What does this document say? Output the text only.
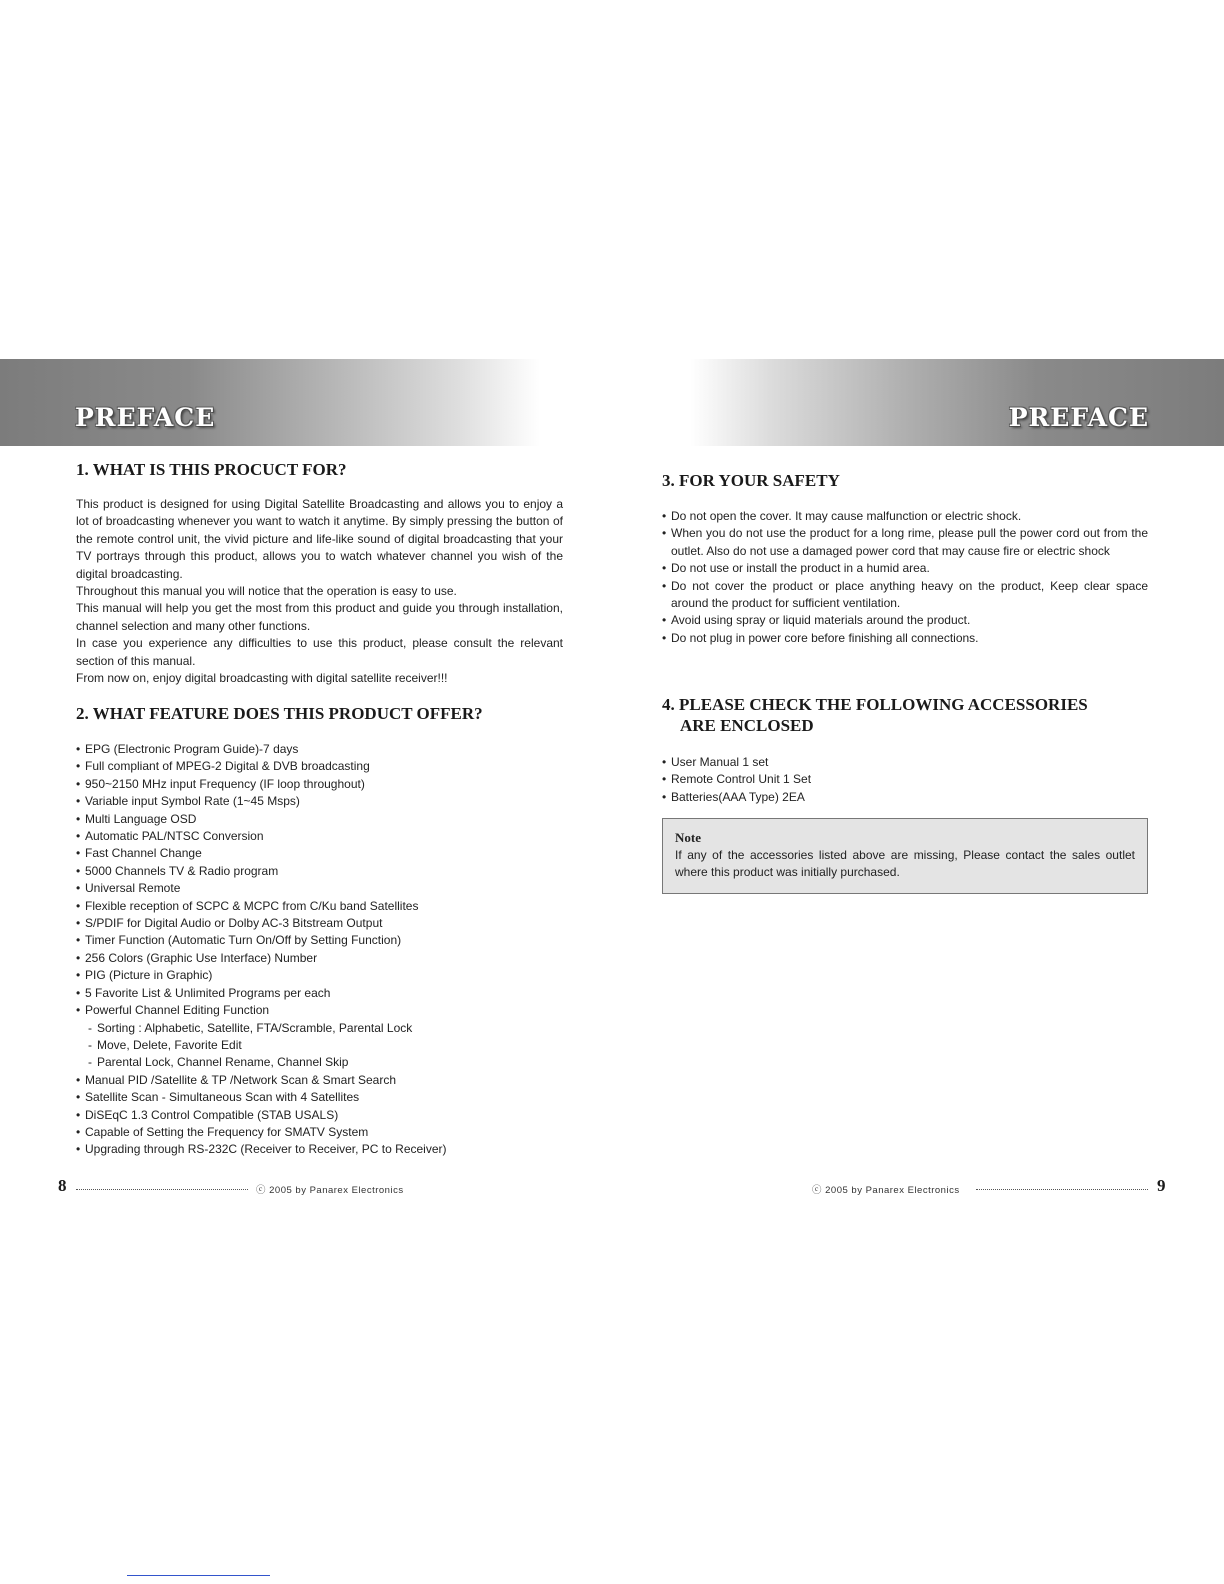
PREFACE	PREFACE
1. WHAT IS THIS PROCUCT FOR?

This product is designed for using Digital Satellite Broadcasting and allows you to enjoy a lot of broadcasting whenever you want to watch it anytime. By simply pressing the button of the remote control unit, the vivid picture and life-like sound of digital broadcasting that your TV portrays through this product, allows you to watch whatever channel you wish of the digital broadcasting.

Throughout this manual you will notice that the operation is easy to use.

This manual will help you get the most from this product and guide you through installation, channel selection and many other functions.

In case you experience any difficulties to use this product, please consult the relevant section of this manual.

From now on, enjoy digital broadcasting with digital satellite receiver!!!

2. WHAT FEATURE DOES THIS PRODUCT OFFER?
• EPG (Electronic Program Guide)-7 days
• Full compliant of MPEG-2 Digital & DVB broadcasting
• 950~2150 MHz input Frequency (IF loop throughout)
• Variable input Symbol Rate (1~45 Msps)
• Multi Language OSD
• Automatic PAL/NTSC Conversion
• Fast Channel Change
• 5000 Channels TV & Radio program
• Universal Remote
• Flexible reception of SCPC & MCPC from C/Ku band Satellites
• S/PDIF for Digital Audio or Dolby AC-3 Bitstream Output
• Timer Function (Automatic Turn On/Off by Setting Function)
• 256 Colors (Graphic Use Interface) Number
• PIG (Picture in Graphic)
• 5 Favorite List & Unlimited Programs per each
• Powerful Channel Editing Function
- Sorting : Alphabetic, Satellite, FTA/Scramble, Parental Lock
- Move, Delete, Favorite Edit
- Parental Lock, Channel Rename, Channel Skip
• Manual PID /Satellite & TP /Network Scan & Smart Search
• Satellite Scan - Simultaneous Scan with 4 Satellites
• DiSEqC 1.3 Control Compatible (STAB USALS)
• Capable of Setting the Frequency for SMATV System
• Upgrading through RS-232C (Receiver to Receiver, PC to Receiver)
8	ⓒ 2005 by Panarex Electronics
3. FOR YOUR SAFETY
• Do not open the cover. It may cause malfunction or electric shock.
• When you do not use the product for a long rime, please pull the power cord out from the outlet. Also do not use a damaged power cord that may cause fire or electric shock
• Do not use or install the product in a humid area.
• Do not cover the product or place anything heavy on the product, Keep clear space around the product for sufficient ventilation.
• Avoid using spray or liquid materials around the product.
• Do not plug in power core before finishing all connections.
4. PLEASE CHECK THE FOLLOWING ACCESSORIES
ARE ENCLOSED
• User Manual 1 set
• Remote Control Unit 1 Set
• Batteries(AAA Type) 2EA
Note
If any of the accessories listed above are missing, Please contact the sales outlet where this product was initially purchased.
ⓒ 2005 by Panarex Electronics	9
